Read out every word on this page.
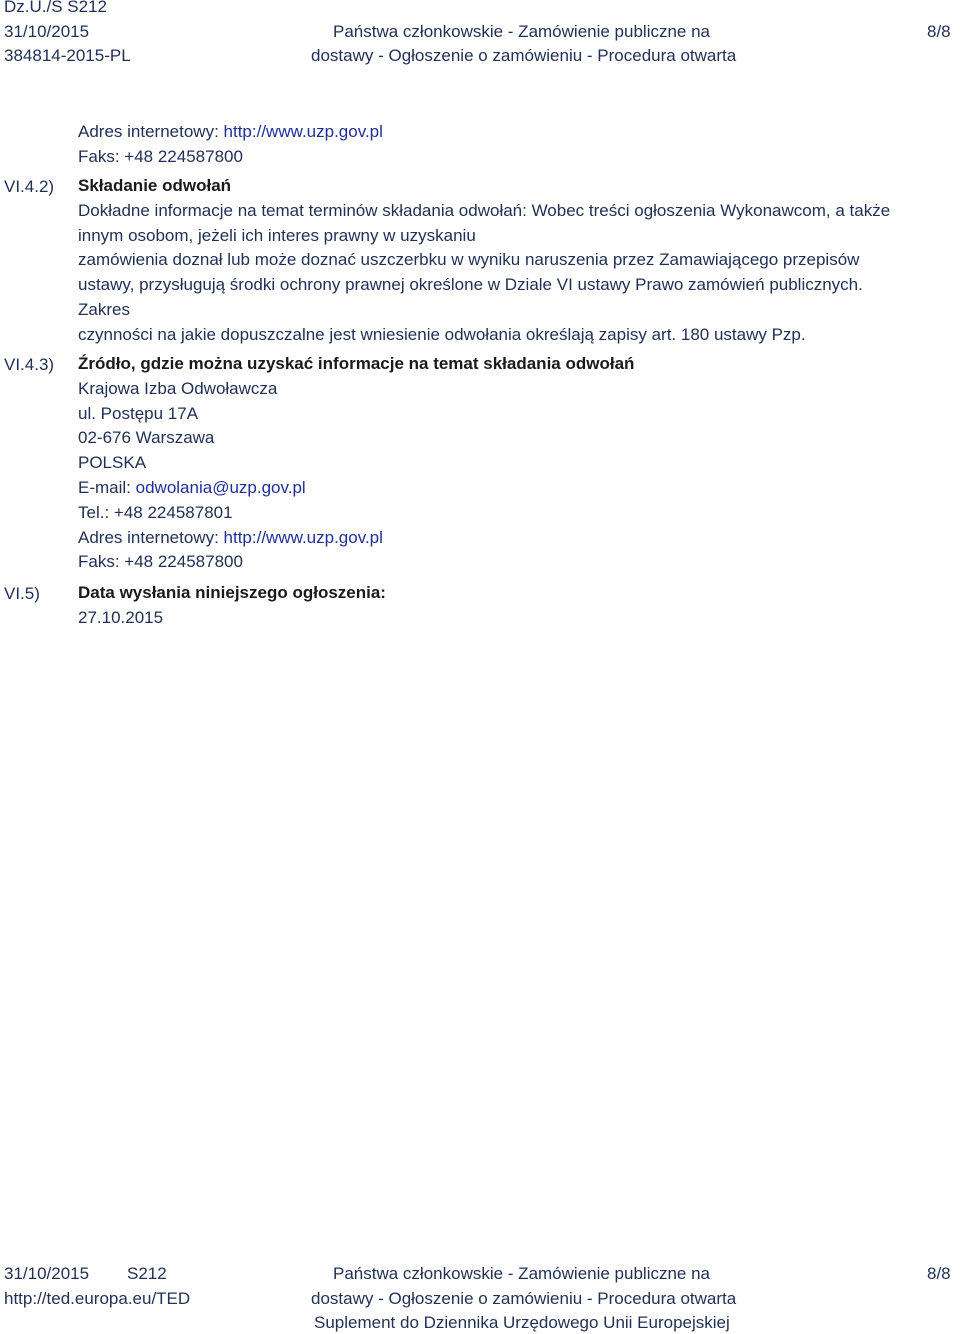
Dz.U./S S212
31/10/2015
384814-2015-PL
Państwa członkowskie - Zamówienie publiczne na
dostawy - Ogłoszenie o zamówieniu - Procedura otwarta
8/8
Adres internetowy: http://www.uzp.gov.pl
Faks: +48 224587800
VI.4.2) Składanie odwołań
Dokładne informacje na temat terminów składania odwołań: Wobec treści ogłoszenia Wykonawcom, a także
innym osobom, jeżeli ich interes prawny w uzyskaniu
zamówienia doznał lub może doznać uszczerbku w wyniku naruszenia przez Zamawiającego przepisów
ustawy, przysługują środki ochrony prawnej określone w Dziale VI ustawy Prawo zamówień publicznych.
Zakres
czynności na jakie dopuszczalne jest wniesienie odwołania określają zapisy art. 180 ustawy Pzp.
VI.4.3) Źródło, gdzie można uzyskać informacje na temat składania odwołań
Krajowa Izba Odwoławcza
ul. Postępu 17A
02-676 Warszawa
POLSKA
E-mail: odwolania@uzp.gov.pl
Tel.: +48 224587801
Adres internetowy: http://www.uzp.gov.pl
Faks: +48 224587800
VI.5) Data wysłania niniejszego ogłoszenia:
27.10.2015
31/10/2015 S212
http://ted.europa.eu/TED
Państwa członkowskie - Zamówienie publiczne na
dostawy - Ogłoszenie o zamówieniu - Procedura otwarta
Suplement do Dziennika Urzędowego Unii Europejskiej
8/8
